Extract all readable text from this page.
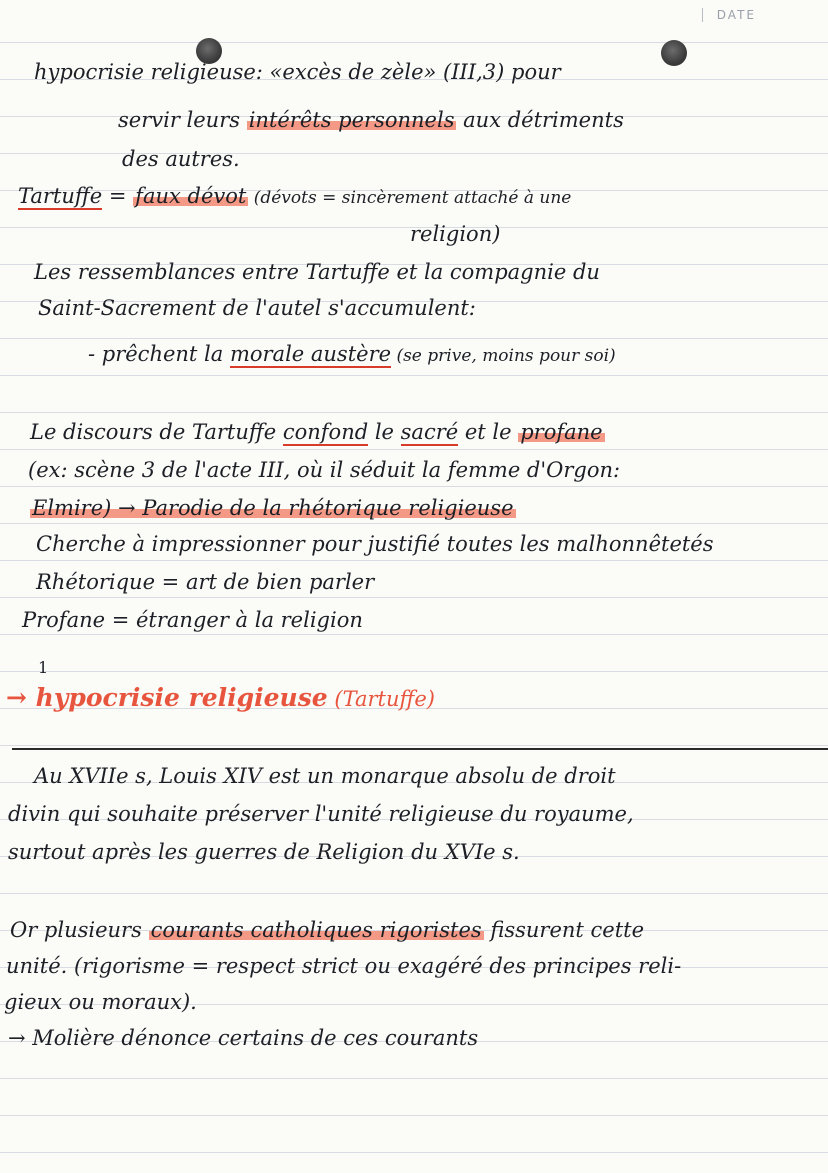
DATE
hypocrisie religieuse: «excès de zèle» (III,3) pour
servir leurs intérêts personnels aux détriments
des autres.
Tartuffe = faux dévot (dévots = sincèrement attaché à une
religion)
Les ressemblances entre Tartuffe et la compagnie du
Saint-Sacrement de l'autel s'accumulent:
- prêchent la morale austère (se prive, moins pour soi)
Le discours de Tartuffe confond le sacré et le profane
(ex: scène 3 de l'acte III, où il séduit la femme d'Orgon:
Elmire) → Parodie de la rhétorique religieuse
Cherche à impressionner pour justifié toutes les malhonnêtetés
Rhétorique = art de bien parler
Profane = étranger à la religion
1
→ hypocrisie religieuse (Tartuffe)
Au XVIIe s, Louis XIV est un monarque absolu de droit
divin qui souhaite préserver l'unité religieuse du royaume,
surtout après les guerres de Religion du XVIe s.
Or plusieurs courants catholiques rigoristes fissurent cette
unité. (rigorisme = respect strict ou exagéré des principes reli-
gieux ou moraux).
→ Molière dénonce certains de ces courants
